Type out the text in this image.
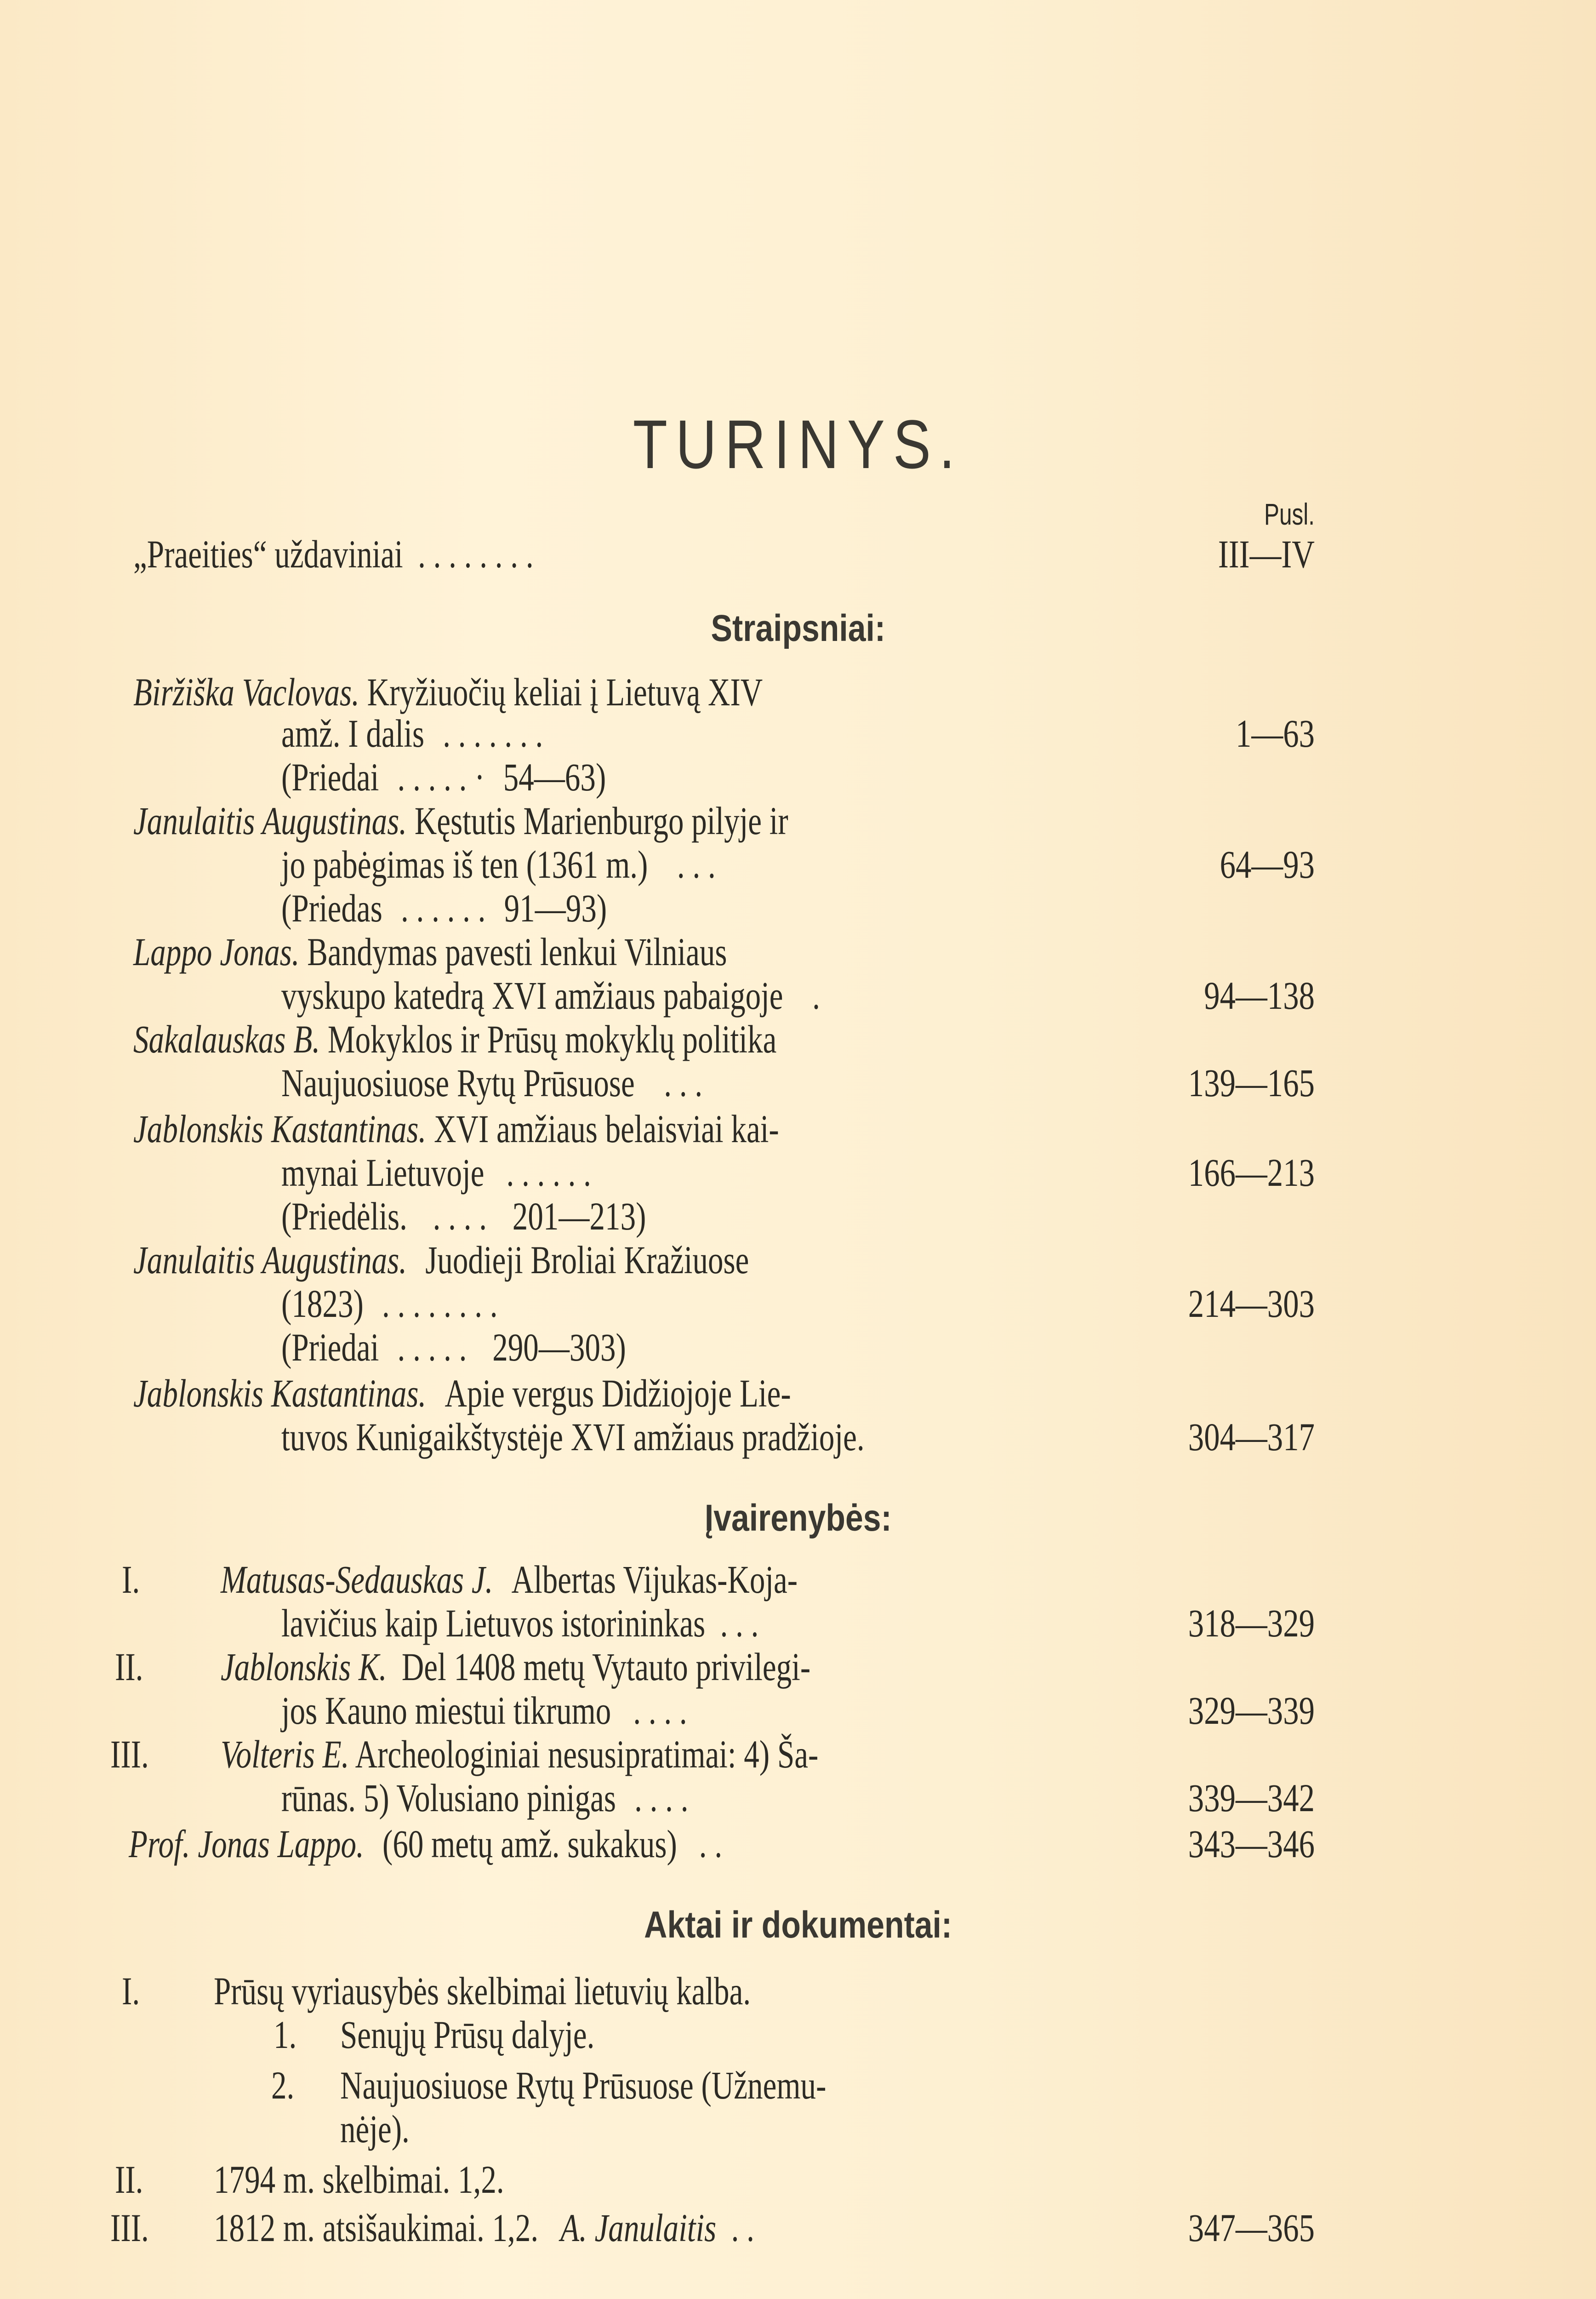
TURINYS.
Pusl.
„Praeities“ uždaviniai . . . . . . . .	III—IV
Straipsniai:
Biržiška Vaclovas. Kryžiuočių keliai į Lietuvą XIV
amž. I dalis . . . . . . .	1—63
(Priedai . . . . . · 54—63)
Janulaitis Augustinas. Kęstutis Marienburgo pilyje ir
jo pabėgimas iš ten (1361 m.) . . .	64—93
(Priedas . . . . . . 91—93)
Lappo Jonas. Bandymas pavesti lenkui Vilniaus
vyskupo katedrą XVI amžiaus pabaigoje .	94—138
Sakalauskas B. Mokyklos ir Prūsų mokyklų politika
Naujuosiuose Rytų Prūsuose . . .	139—165
Jablonskis Kastantinas. XVI amžiaus belaisviai kai-
mynai Lietuvoje . . . . . .	166—213
(Priedėlis. . . . . 201—213)
Janulaitis Augustinas. Juodieji Broliai Kražiuose
(1823) . . . . . . . .	214—303
(Priedai . . . . . 290—303)
Jablonskis Kastantinas. Apie vergus Didžiojoje Lie-
tuvos Kunigaikštystėje XVI amžiaus pradžioje.	304—317
Įvairenybės:
I. Matusas-Sedauskas J. Albertas Vijukas-Koja-
lavičius kaip Lietuvos istorininkas . . .	318—329
II. Jablonskis K. Del 1408 metų Vytauto privilegi-
jos Kauno miestui tikrumo . . . .	329—339
III. Volteris E. Archeologiniai nesusipratimai: 4) Ša-
rūnas. 5) Volusiano pinigas . . . .	339—342
Prof. Jonas Lappo. (60 metų amž. sukakus) . .	343—346
Aktai ir dokumentai:
I. Prūsų vyriausybės skelbimai lietuvių kalba.
1. Senųjų Prūsų dalyje.
2. Naujuosiuose Rytų Prūsuose (Užnemu-
nėje).
II. 1794 m. skelbimai. 1,2.
III. 1812 m. atsišaukimai. 1,2. A. Janulaitis . .	347—365
